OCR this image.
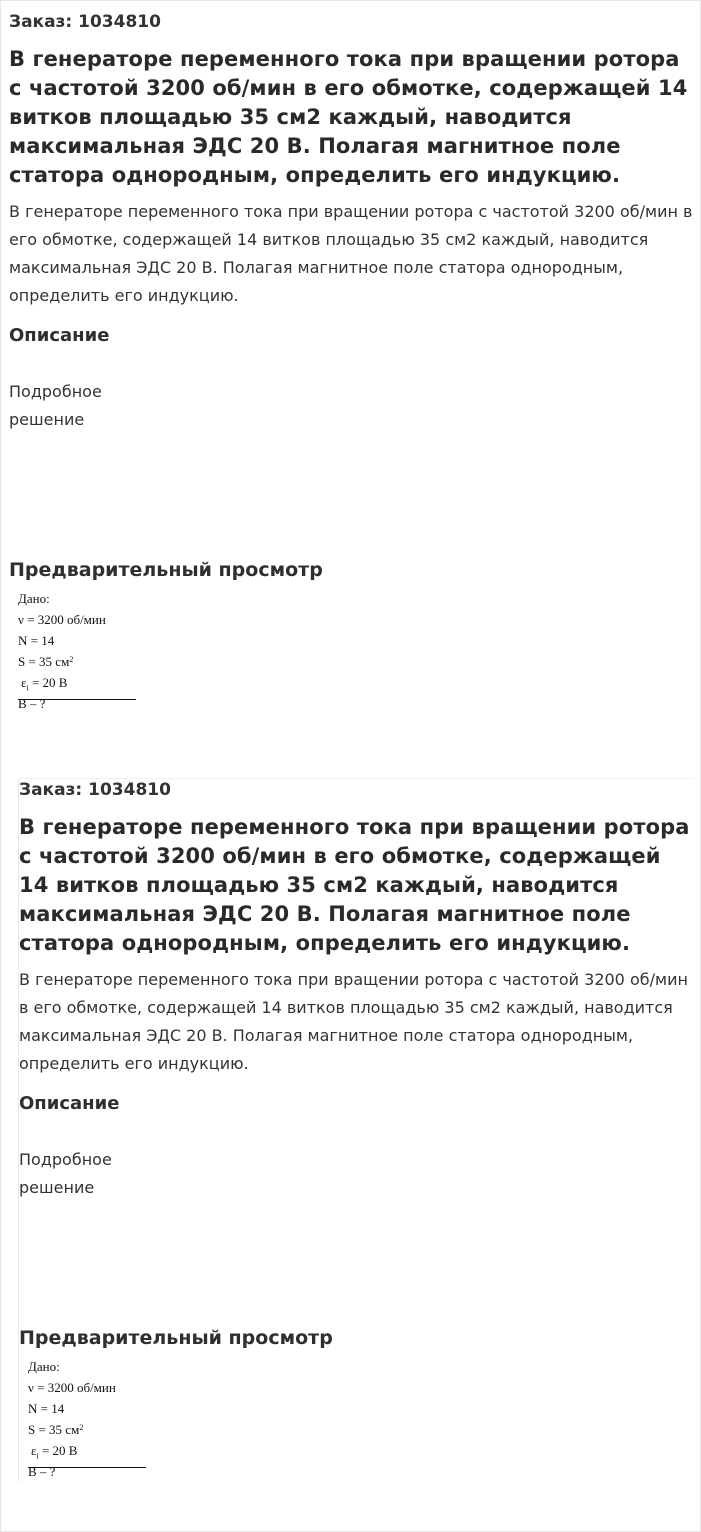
Заказ: 1034810
В генераторе переменного тока при вращении ротора с частотой 3200 об/мин в его обмотке, содержащей 14 витков площадью 35 см2 каждый, наводится максимальная ЭДС 20 В. Полагая магнитное поле статора однородным, определить его индукцию.
В генераторе переменного тока при вращении ротора с частотой 3200 об/мин в его обмотке, содержащей 14 витков площадью 35 см2 каждый, наводится максимальная ЭДС 20 В. Полагая магнитное поле статора однородным, определить его индукцию.
Описание
Подробное решение
Предварительный просмотр
Дано:
ν = 3200 об/мин
N = 14
S = 35 $см^2$
$\varepsilon_i = 20$ В
В – ?
Заказ: 1034810
В генераторе переменного тока при вращении ротора с частотой 3200 об/мин в его обмотке, содержащей 14 витков площадью 35 см2 каждый, наводится максимальная ЭДС 20 В. Полагая магнитное поле статора однородным, определить его индукцию.
В генераторе переменного тока при вращении ротора с частотой 3200 об/мин в его обмотке, содержащей 14 витков площадью 35 см2 каждый, наводится максимальная ЭДС 20 В. Полагая магнитное поле статора однородным, определить его индукцию.
Описание
Подробное решение
Предварительный просмотр
Дано:
ν = 3200 об/мин
N = 14
S = 35 $см^2$
$\varepsilon_i = 20$ В
В – ?
